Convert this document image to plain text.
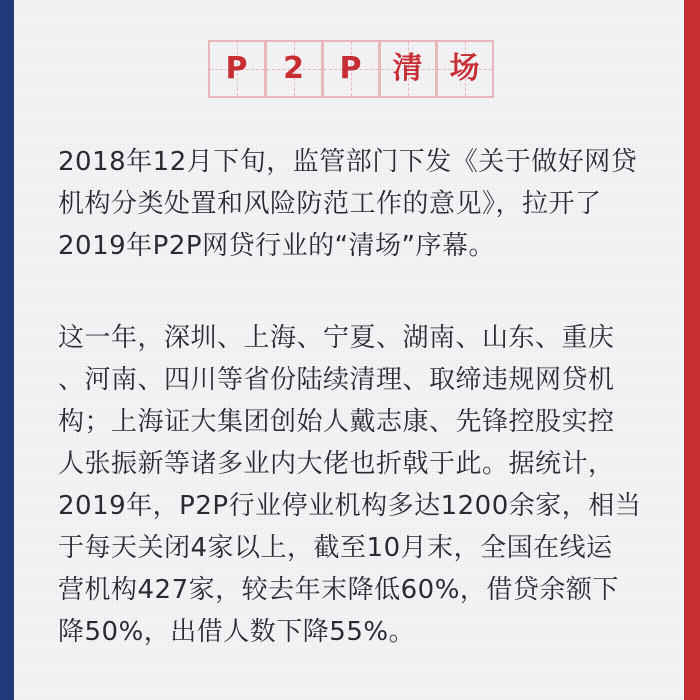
P 2 P 清 场

2018年12月下旬，监管部门下发《关于做好网贷
机构分类处置和风险防范工作的意见》，拉开了
2019年P2P网贷行业的“清场”序幕。

这一年，深圳、上海、宁夏、湖南、山东、重庆
、河南、四川等省份陆续清理、取缔违规网贷机
构；上海证大集团创始人戴志康、先锋控股实控
人张振新等诸多业内大佬也折戟于此。据统计，
2019年，P2P行业停业机构多达1200余家，相当
于每天关闭4家以上，截至10月末，全国在线运
营机构427家，较去年末降低60%，借贷余额下
降50%，出借人数下降55%。
